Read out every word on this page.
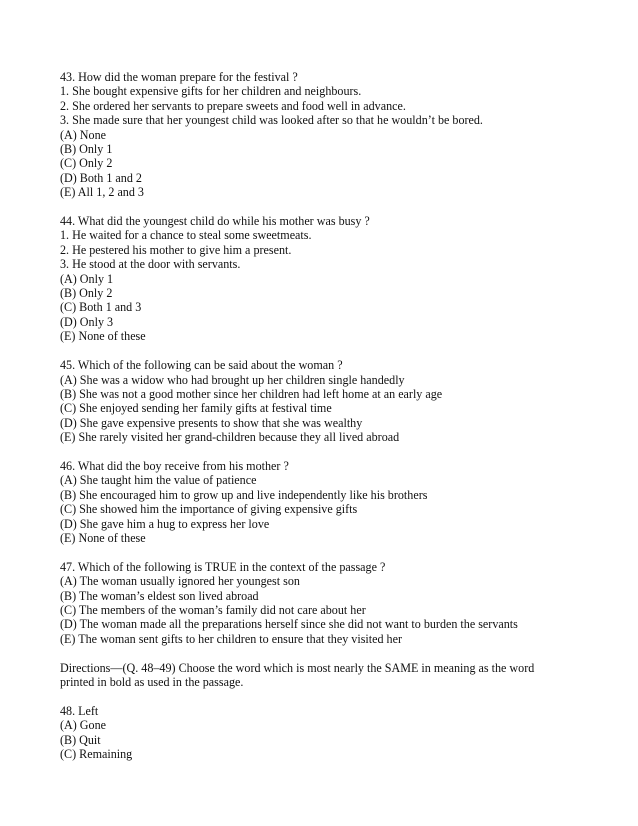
43. How did the woman prepare for the festival ?
1. She bought expensive gifts for her children and neighbours.
2. She ordered her servants to prepare sweets and food well in advance.
3. She made sure that her youngest child was looked after so that he wouldn’t be bored.
(A) None
(B) Only 1
(C) Only 2
(D) Both 1 and 2
(E) All 1, 2 and 3
44. What did the youngest child do while his mother was busy ?
1. He waited for a chance to steal some sweetmeats.
2. He pestered his mother to give him a present.
3. He stood at the door with servants.
(A) Only 1
(B) Only 2
(C) Both 1 and 3
(D) Only 3
(E) None of these
45. Which of the following can be said about the woman ?
(A) She was a widow who had brought up her children single handedly
(B) She was not a good mother since her children had left home at an early age
(C) She enjoyed sending her family gifts at festival time
(D) She gave expensive presents to show that she was wealthy
(E) She rarely visited her grand-children because they all lived abroad
46. What did the boy receive from his mother ?
(A) She taught him the value of patience
(B) She encouraged him to grow up and live independently like his brothers
(C) She showed him the importance of giving expensive gifts
(D) She gave him a hug to express her love
(E) None of these
47. Which of the following is TRUE in the context of the passage ?
(A) The woman usually ignored her youngest son
(B) The woman’s eldest son lived abroad
(C) The members of the woman’s family did not care about her
(D) The woman made all the preparations herself since she did not want to burden the servants
(E) The woman sent gifts to her children to ensure that they visited her
Directions—(Q. 48–49) Choose the word which is most nearly the SAME in meaning as the word
printed in bold as used in the passage.
48. Left
(A) Gone
(B) Quit
(C) Remaining
